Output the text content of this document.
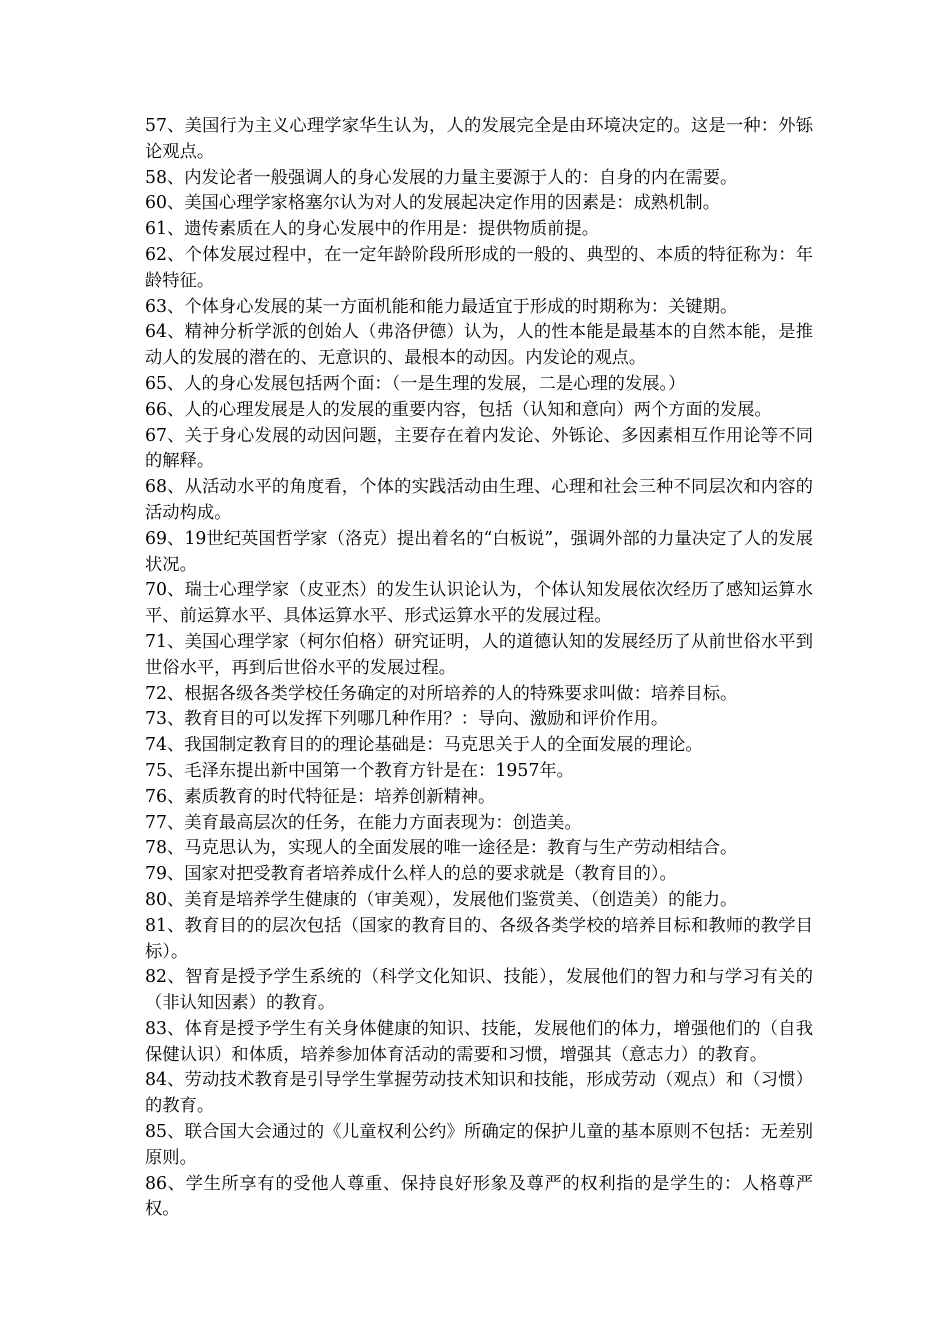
57、美国行为主义心理学家华生认为，人的发展完全是由环境决定的。这是一种：外铄论观点。

58、内发论者一般强调人的身心发展的力量主要源于人的：自身的内在需要。

60、美国心理学家格塞尔认为对人的发展起决定作用的因素是：成熟机制。

61、遗传素质在人的身心发展中的作用是：提供物质前提。

62、个体发展过程中，在一定年龄阶段所形成的一般的、典型的、本质的特征称为：年龄特征。

63、个体身心发展的某一方面机能和能力最适宜于形成的时期称为：关键期。

64、精神分析学派的创始人（弗洛伊德）认为，人的性本能是最基本的自然本能，是推动人的发展的潜在的、无意识的、最根本的动因。内发论的观点。

65、人的身心发展包括两个面：（一是生理的发展，二是心理的发展。）

66、人的心理发展是人的发展的重要内容，包括（认知和意向）两个方面的发展。

67、关于身心发展的动因问题，主要存在着内发论、外铄论、多因素相互作用论等不同的解释。

68、从活动水平的角度看，个体的实践活动由生理、心理和社会三种不同层次和内容的活动构成。

69、19世纪英国哲学家（洛克）提出着名的“白板说”，强调外部的力量决定了人的发展状况。

70、瑞士心理学家（皮亚杰）的发生认识论认为，个体认知发展依次经历了感知运算水平、前运算水平、具体运算水平、形式运算水平的发展过程。

71、美国心理学家（柯尔伯格）研究证明，人的道德认知的发展经历了从前世俗水平到世俗水平，再到后世俗水平的发展过程。

72、根据各级各类学校任务确定的对所培养的人的特殊要求叫做：培养目标。

73、教育目的可以发挥下列哪几种作用？：导向、激励和评价作用。

74、我国制定教育目的的理论基础是：马克思关于人的全面发展的理论。

75、毛泽东提出新中国第一个教育方针是在：1957年。

76、素质教育的时代特征是：培养创新精神。

77、美育最高层次的任务，在能力方面表现为：创造美。

78、马克思认为，实现人的全面发展的唯一途径是：教育与生产劳动相结合。

79、国家对把受教育者培养成什么样人的总的要求就是（教育目的）。

80、美育是培养学生健康的（审美观），发展他们鉴赏美、（创造美）的能力。

81、教育目的的层次包括（国家的教育目的、各级各类学校的培养目标和教师的教学目标）。

82、智育是授予学生系统的（科学文化知识、技能），发展他们的智力和与学习有关的（非认知因素）的教育。

83、体育是授予学生有关身体健康的知识、技能，发展他们的体力，增强他们的（自我保健认识）和体质，培养参加体育活动的需要和习惯，增强其（意志力）的教育。

84、劳动技术教育是引导学生掌握劳动技术知识和技能，形成劳动（观点）和（习惯）的教育。

85、联合国大会通过的《儿童权利公约》所确定的保护儿童的基本原则不包括：无差别原则。

86、学生所享有的受他人尊重、保持良好形象及尊严的权利指的是学生的：人格尊严权。
